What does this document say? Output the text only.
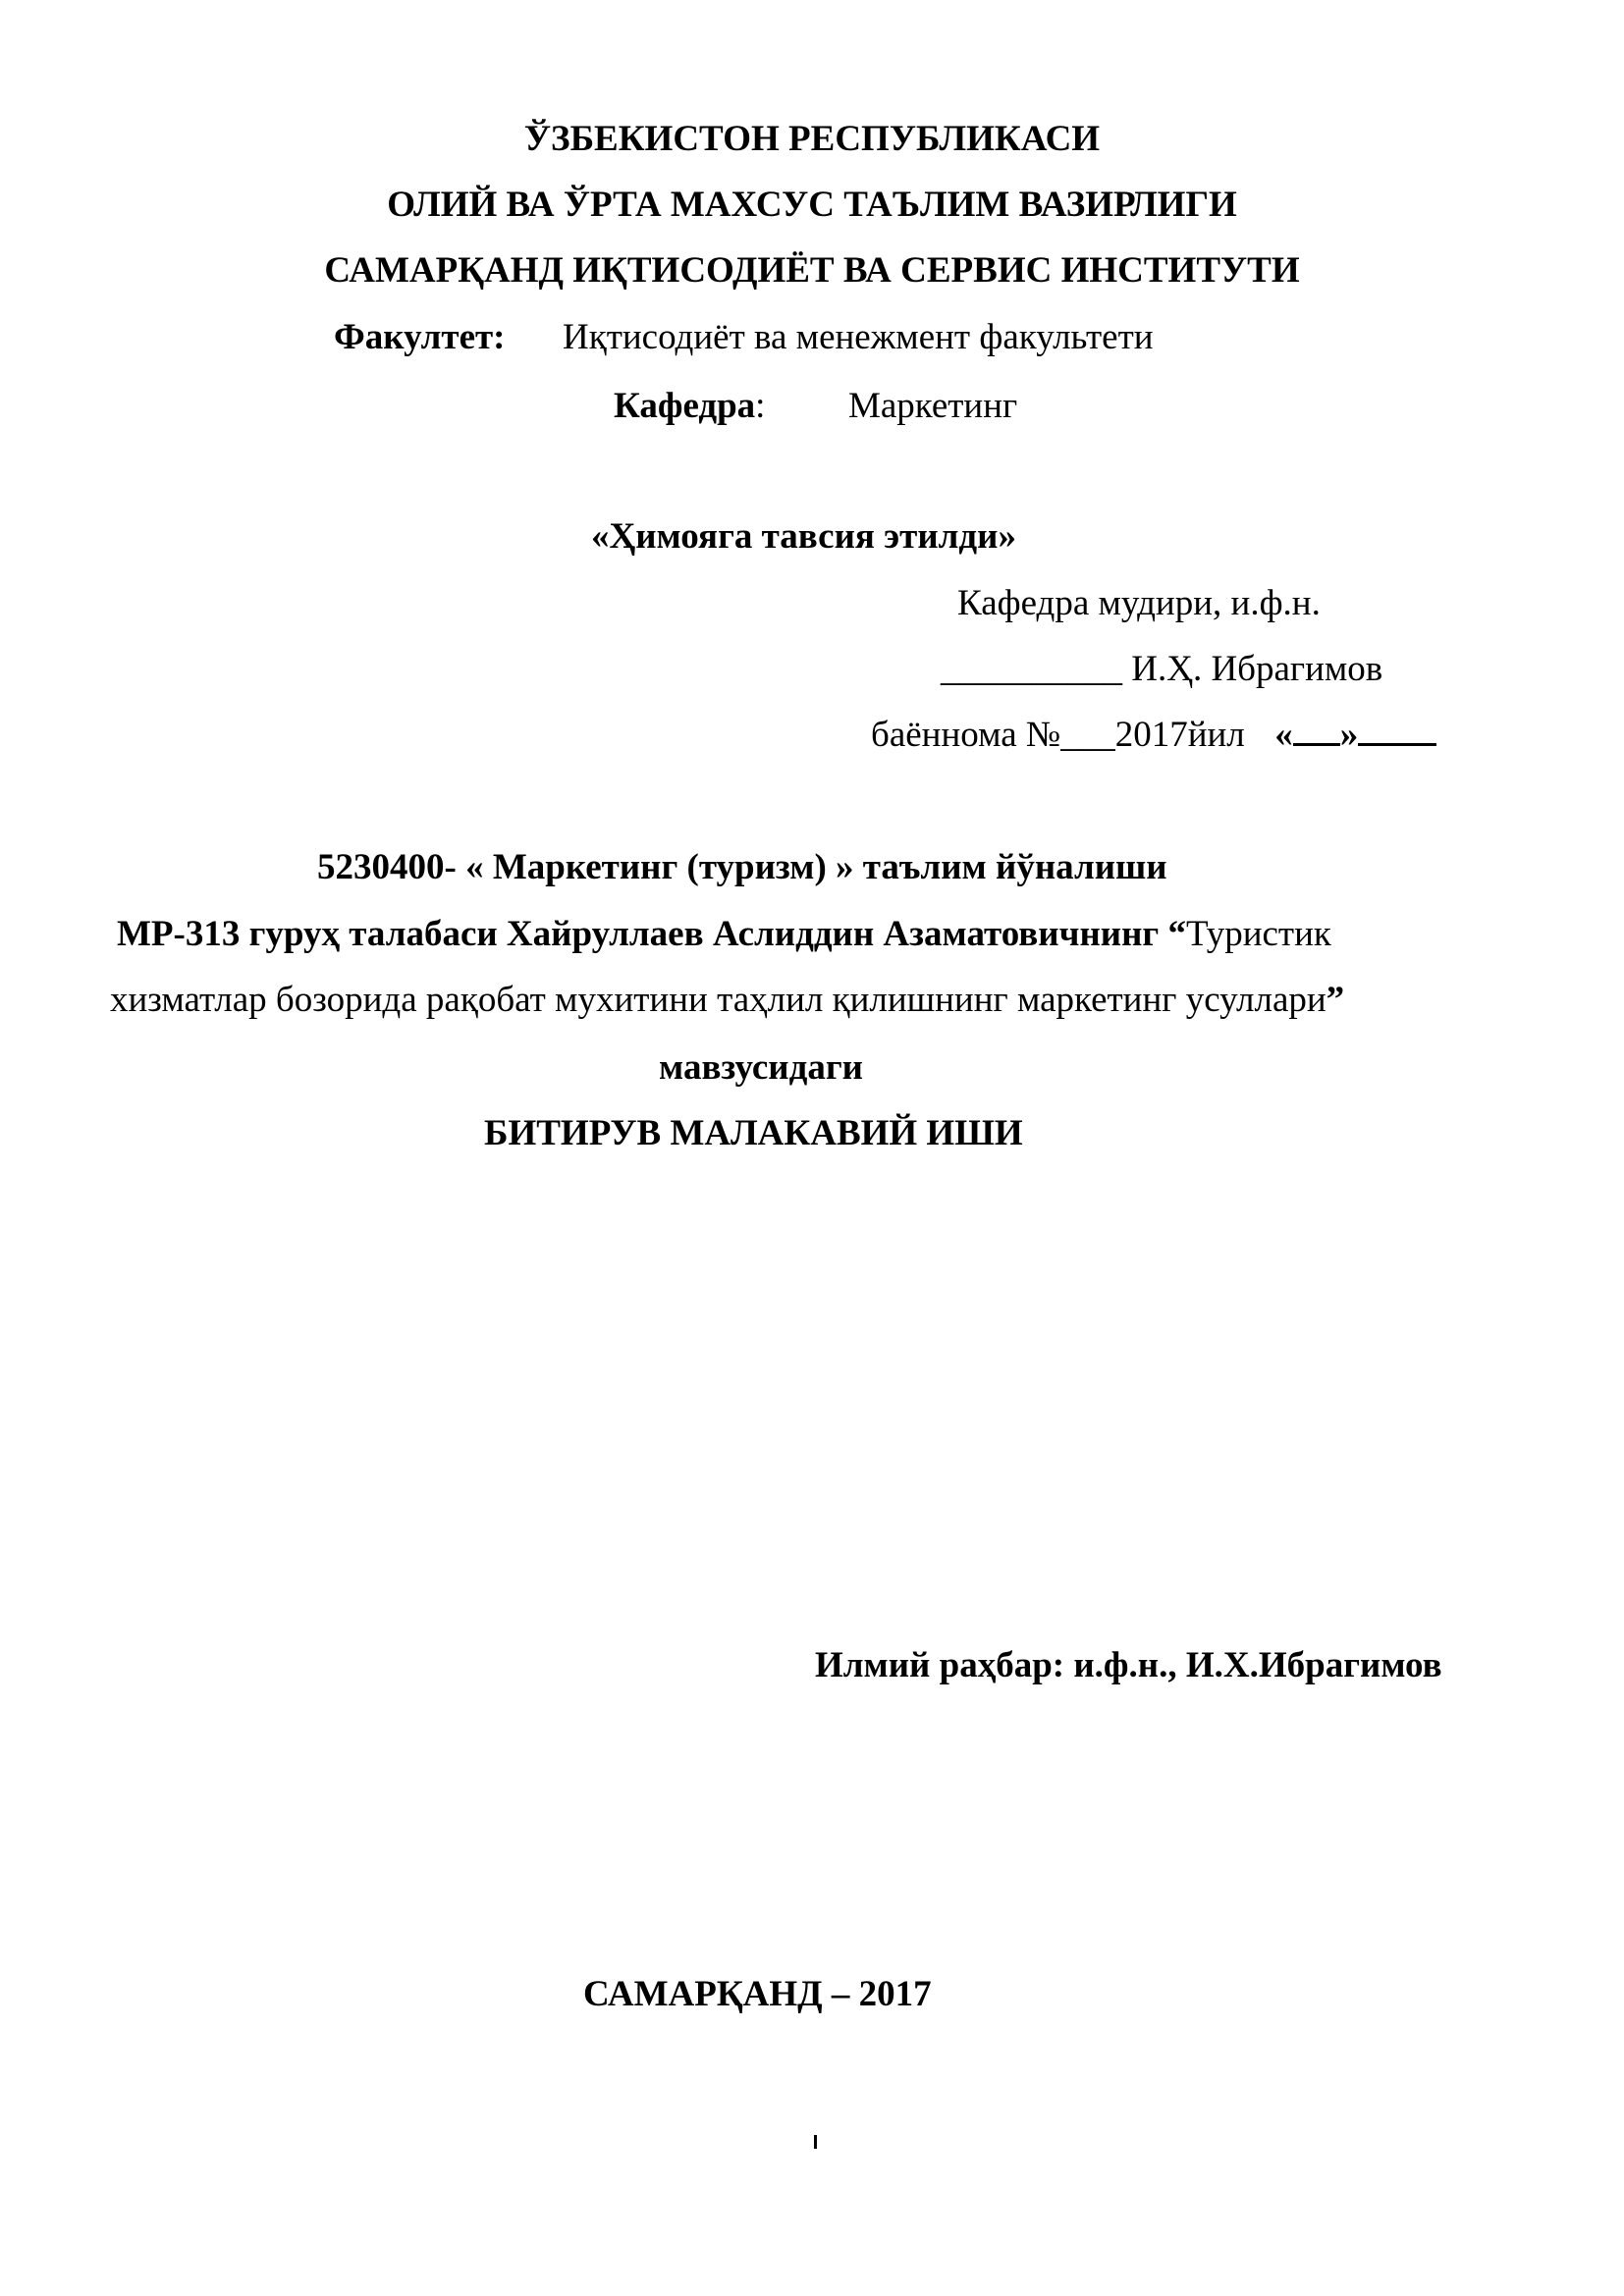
ЎЗБЕКИСТОН РЕСПУБЛИКАСИ
ОЛИЙ ВА ЎРТА МАХСУС ТАЪЛИМ ВАЗИРЛИГИ
САМАРҚАНД ИҚТИСОДИЁТ ВА СЕРВИС ИНСТИТУТИ
Факултет: Иқтисодиёт ва менежмент факультети
Кафедра: Маркетинг
«Ҳимояга тавсия этилди»
Кафедра мудири, и.ф.н.
__________ И.Ҳ. Ибрагимов
баённома №___2017йил « »
5230400- « Маркетинг (туризм) » таълим йўналиши
МР-313 гуруҳ талабаси Хайруллаев Аслиддин Азаматовичнинг “Туристик
хизматлар бозорида рақобат мухитини таҳлил қилишнинг маркетинг усуллари”
мавзусидаги
БИТИРУВ МАЛАКАВИЙ ИШИ
Илмий раҳбар: и.ф.н., И.Х.Ибрагимов
САМАРҚАНД – 2017
